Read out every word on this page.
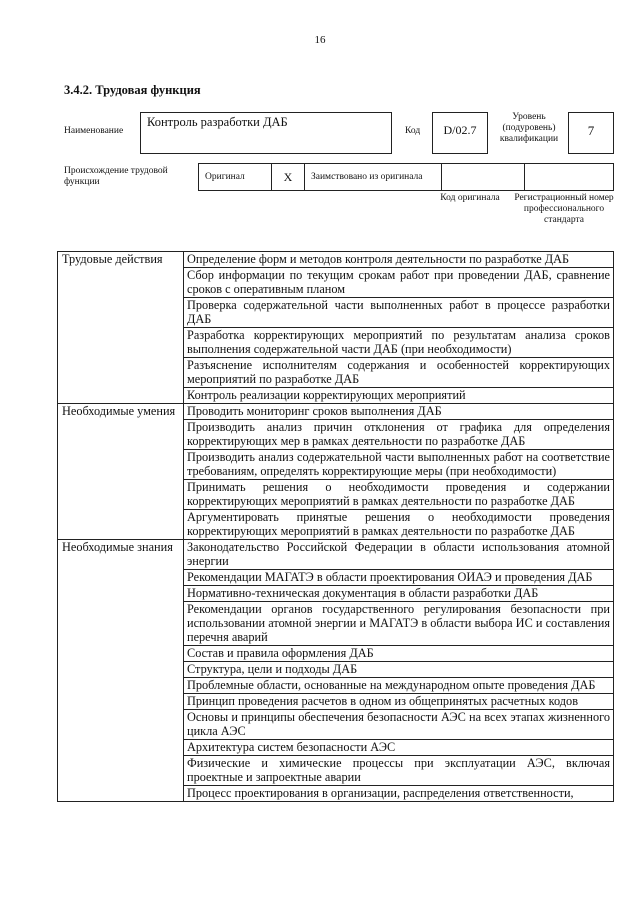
16
3.4.2. Трудовая функция
Наименование
Контроль разработки ДАБ
Код	D/02.7
Уровень (подуровень) квалификации
7
Происхождение трудовой функции	Оригинал	X	Заимствовано из оригинала		
Код оригинала Регистрационный номер профессионального стандарта
Трудовые действия	Определение форм и методов контроля деятельности по разработке ДАБ
	Сбор информации по текущим срокам работ при проведении ДАБ, сравнение сроков с оперативным планом
	Проверка содержательной части выполненных работ в процессе разработки ДАБ
	Разработка корректирующих мероприятий по результатам анализа сроков выполнения содержательной части ДАБ (при необходимости)
	Разъяснение исполнителям содержания и особенностей корректирующих мероприятий по разработке ДАБ
	Контроль реализации корректирующих мероприятий
Необходимые умения	Проводить мониторинг сроков выполнения ДАБ
	Производить анализ причин отклонения от графика для определения корректирующих мер в рамках деятельности по разработке ДАБ
	Производить анализ содержательной части выполненных работ на соответствие требованиям, определять корректирующие меры (при необходимости)
	Принимать решения о необходимости проведения и содержании корректирующих мероприятий в рамках деятельности по разработке ДАБ
	Аргументировать принятые решения о необходимости проведения корректирующих мероприятий в рамках деятельности по разработке ДАБ
Необходимые знания	Законодательство Российской Федерации в области использования атомной энергии
	Рекомендации МАГАТЭ в области проектирования ОИАЭ и проведения ДАБ
	Нормативно-техническая документация в области разработки ДАБ
	Рекомендации органов государственного регулирования безопасности при использовании атомной энергии и МАГАТЭ в области выбора ИС и составления перечня аварий
	Состав и правила оформления ДАБ
	Структура, цели и подходы ДАБ
	Проблемные области, основанные на международном опыте проведения ДАБ
	Принцип проведения расчетов в одном из общепринятых расчетных кодов
	Основы и принципы обеспечения безопасности АЭС на всех этапах жизненного цикла АЭС
	Архитектура систем безопасности АЭС
	Физические и химические процессы при эксплуатации АЭС, включая проектные и запроектные аварии
	Процесс проектирования в организации, распределения ответственности,
